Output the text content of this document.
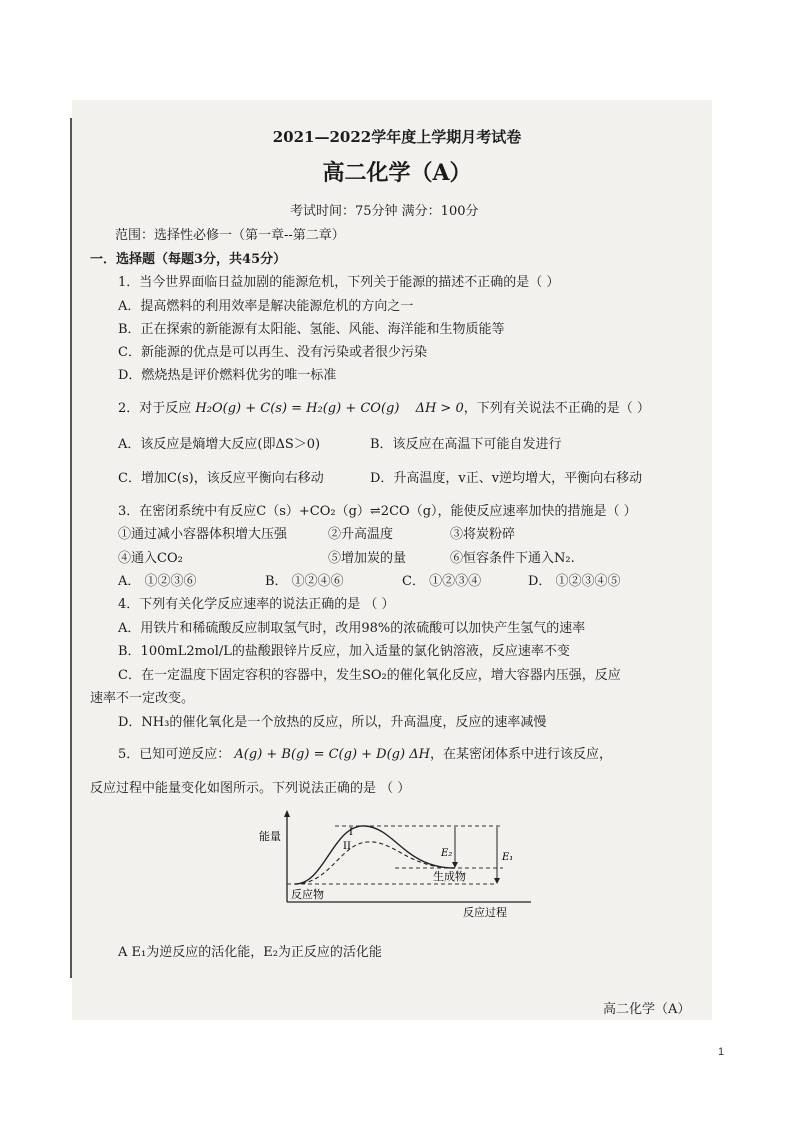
2021—2022学年度上学期月考试卷
高二化学（A）
考试时间：75分钟 满分：100分
范围：选择性必修一（第一章--第二章）
一．选择题（每题3分，共45分）
1．当今世界面临日益加剧的能源危机，下列关于能源的描述不正确的是（ ）
A．提高燃料的利用效率是解决能源危机的方向之一
B．正在探索的新能源有太阳能、氢能、风能、海洋能和生物质能等
C．新能源的优点是可以再生、没有污染或者很少污染
D．燃烧热是评价燃料优劣的唯一标准
2．对于反应 H₂O(g) + C(s) = H₂(g) + CO(g) ΔH > 0，下列有关说法不正确的是（ ）
A．该反应是熵增大反应(即ΔS＞0)	B．该反应在高温下可能自发进行
C．增加C(s)，该反应平衡向右移动	D．升高温度，v正、v逆均增大，平衡向右移动
3．在密闭系统中有反应C（s）+CO₂（g）⇌2CO（g），能使反应速率加快的措施是（ ）
①通过减小容器体积增大压强	②升高温度	③将炭粉碎
④通入CO₂	⑤增加炭的量	⑥恒容条件下通入N₂.
A． ①②③⑥	B． ①②④⑥	C． ①②③④	D． ①②③④⑤
4．下列有关化学反应速率的说法正确的是 （ ）
A．用铁片和稀硫酸反应制取氢气时，改用98%的浓硫酸可以加快产生氢气的速率
B．100mL2mol/L的盐酸跟锌片反应，加入适量的氯化钠溶液，反应速率不变
C．在一定温度下固定容积的容器中，发生SO₂的催化氧化反应，增大容器内压强，反应
速率不一定改变。
D．NH₃的催化氧化是一个放热的反应，所以，升高温度，反应的速率减慢
5．已知可逆反应： A(g) + B(g) = C(g) + D(g) ΔH，在某密闭体系中进行该反应，
反应过程中能量变化如图所示。下列说法正确的是 （ ）
能量	I
II
E₂	E₁
生成物
反应物
反应过程
A E₁为逆反应的活化能，E₂为正反应的活化能
高二化学（A）
1
